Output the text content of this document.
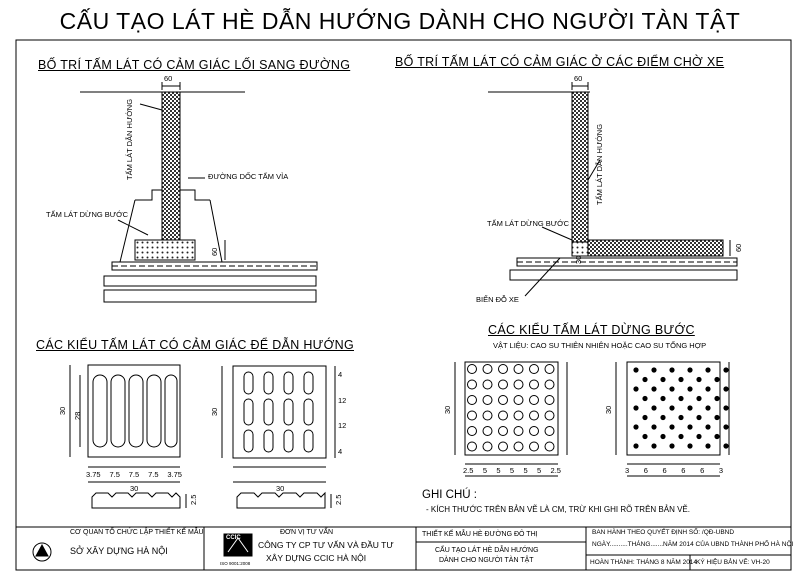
CẤU TẠO LÁT HÈ DẪN HƯỚNG DÀNH CHO NGƯỜI TÀN TẬT
BỐ TRÍ TẤM LÁT CÓ CẢM GIÁC LỐI SANG ĐƯỜNG	BỐ TRÍ TẤM LÁT CÓ CẢM GIÁC Ở CÁC ĐIỂM CHỜ XE
60
TẤM LÁT DẪN HƯỚNG	ĐƯỜNG DỐC TẤM VỈA
TẤM LÁT DỪNG BƯỚC
60
60
TẤM LÁT DẪN HƯỚNG
TẤM LÁT DỪNG BƯỚC
BIỂN ĐỖ XE
60
30
CÁC KIỂU TẤM LÁT CÓ CẢM GIÁC ĐỂ DẪN HƯỚNG
CÁC KIỂU TẤM LÁT DỪNG BƯỚC
VẬT LIỆU: CAO SU THIÊN NHIÊN HOẶC CAO SU TỔNG HỢP
3.75 7.5 7.5 7.5 3.75
30
30
28
2.5
4
12
12
4
30
30
2.5
2.5 5 5 5 5 5 2.5
30
3 6 6 6 6 3
30
GHI CHÚ :
- KÍCH THƯỚC TRÊN BẢN VẼ LÀ CM, TRỪ KHI GHI RÕ TRÊN BẢN VẼ.
CƠ QUAN TỔ CHỨC LẬP THIẾT KẾ MẪU
SỞ XÂY DỰNG HÀ NỘI
ĐƠN VỊ TƯ VẤN
CÔNG TY CP TƯ VẤN VÀ ĐẦU TƯ
XÂY DỰNG CCIC HÀ NỘI
CCIC
ISO 9001:2008
THIẾT KẾ MẪU HÈ ĐƯỜNG ĐÔ THỊ
CẤU TẠO LÁT HÈ DẪN HƯỚNG
DÀNH CHO NGƯỜI TÀN TẬT
BAN HÀNH THEO QUYẾT ĐỊNH SỐ: /QĐ-UBND
NGÀY..........THÁNG.......NĂM 2014 CỦA UBND THÀNH PHỐ HÀ NỘI
HOÀN THÀNH: THÁNG 8 NĂM 2014
KÝ HIỆU BẢN VẼ: VH-20
